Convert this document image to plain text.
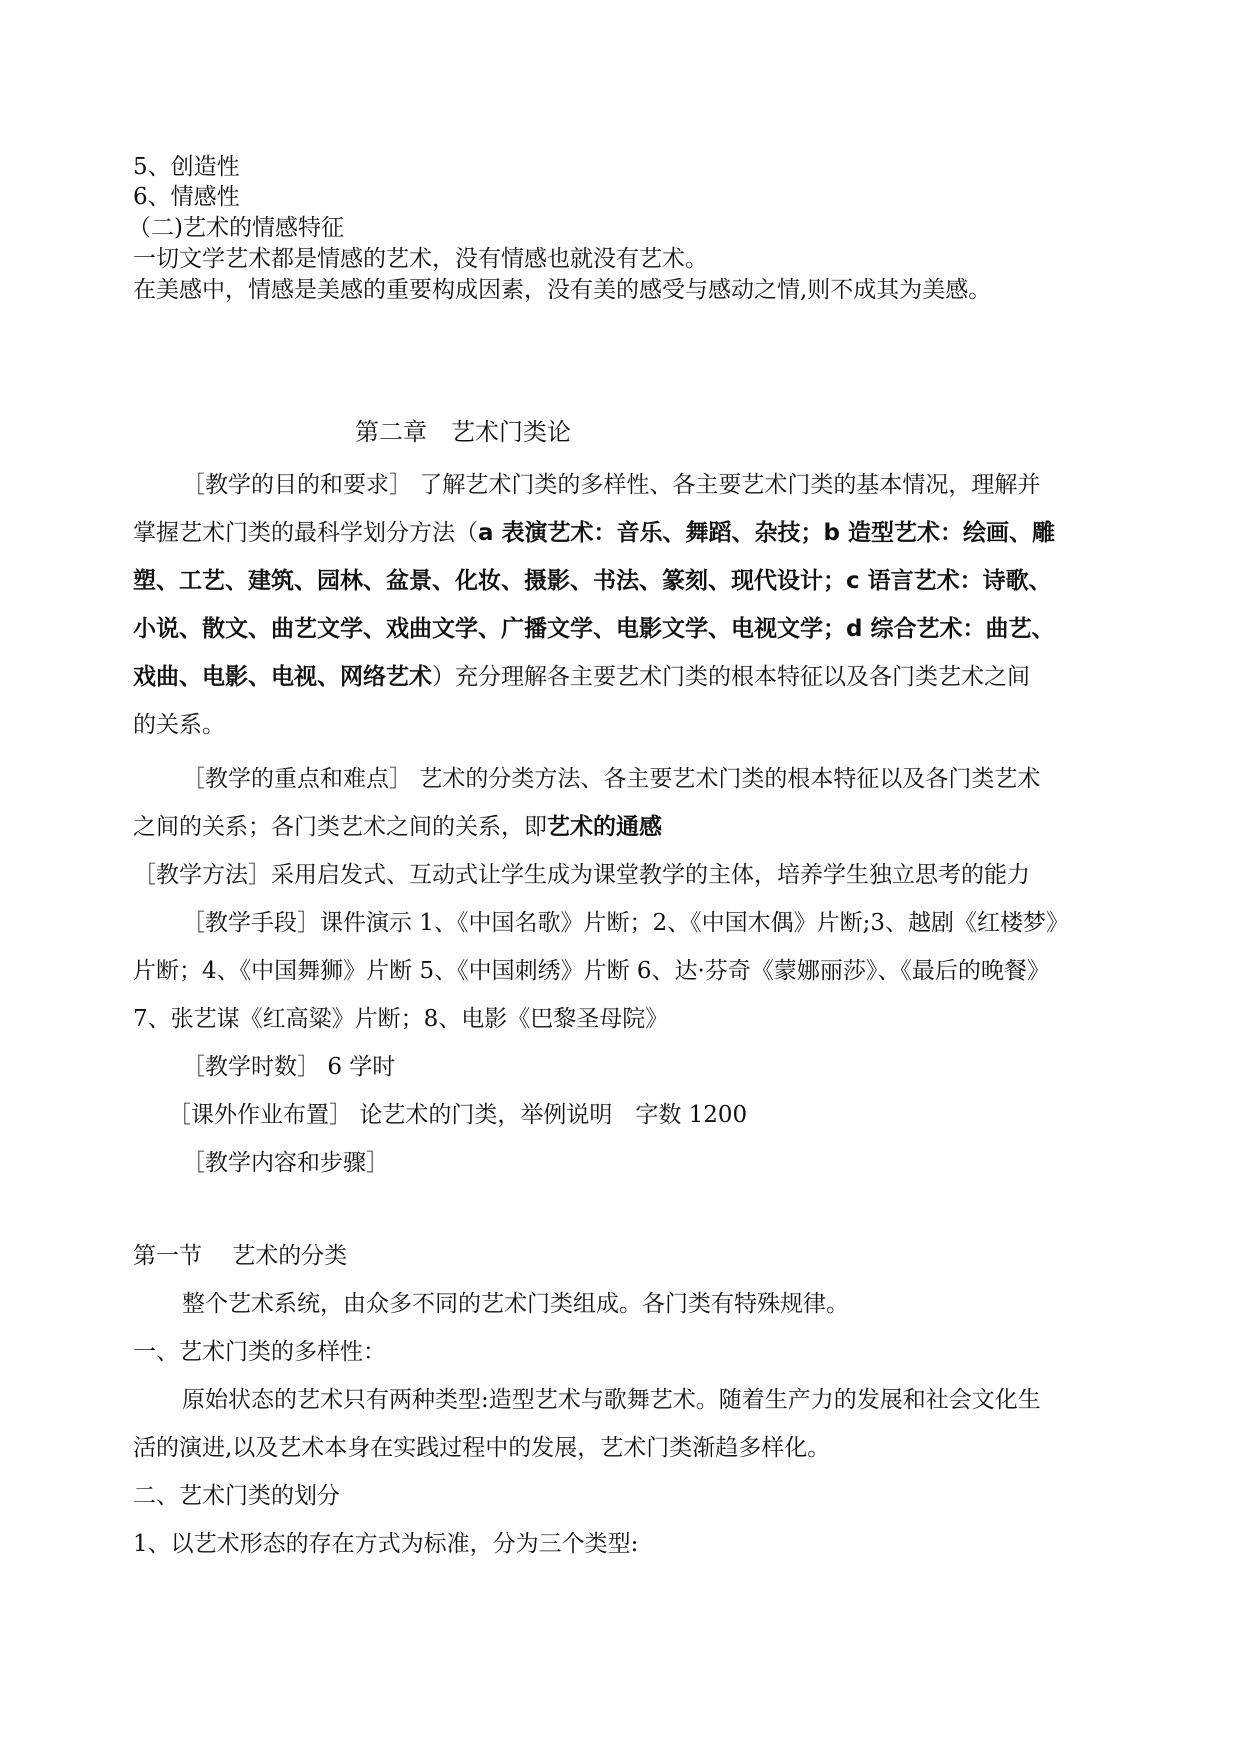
5、创造性
6、情感性
（二)艺术的情感特征
一切文学艺术都是情感的艺术，没有情感也就没有艺术。
在美感中，情感是美感的重要构成因素，没有美的感受与感动之情,则不成其为美感。
第二章　艺术门类论
［教学的目的和要求］ 了解艺术门类的多样性、各主要艺术门类的基本情况，理解并
掌握艺术门类的最科学划分方法（a 表演艺术：音乐、舞蹈、杂技；b 造型艺术：绘画、雕
塑、工艺、建筑、园林、盆景、化妆、摄影、书法、篆刻、现代设计；c 语言艺术：诗歌、
小说、散文、曲艺文学、戏曲文学、广播文学、电影文学、电视文学；d 综合艺术：曲艺、
戏曲、电影、电视、网络艺术）充分理解各主要艺术门类的根本特征以及各门类艺术之间
的关系。
［教学的重点和难点］ 艺术的分类方法、各主要艺术门类的根本特征以及各门类艺术
之间的关系；各门类艺术之间的关系，即艺术的通感
［教学方法］采用启发式、互动式让学生成为课堂教学的主体，培养学生独立思考的能力
［教学手段］课件演示 1、《中国名歌》片断；2、《中国木偶》片断;3、越剧《红楼梦》
片断；4、《中国舞狮》片断 5、《中国刺绣》片断 6、达·芬奇《蒙娜丽莎》、《最后的晚餐》
7、张艺谋《红高粱》片断；8、电影《巴黎圣母院》
［教学时数］ 6 学时
［课外作业布置］ 论艺术的门类，举例说明　字数 1200
［教学内容和步骤］
第一节　 艺术的分类
整个艺术系统，由众多不同的艺术门类组成。各门类有特殊规律。
一、艺术门类的多样性：
原始状态的艺术只有两种类型:造型艺术与歌舞艺术。随着生产力的发展和社会文化生
活的演进,以及艺术本身在实践过程中的发展，艺术门类渐趋多样化。
二、艺术门类的划分
1、以艺术形态的存在方式为标准，分为三个类型:
